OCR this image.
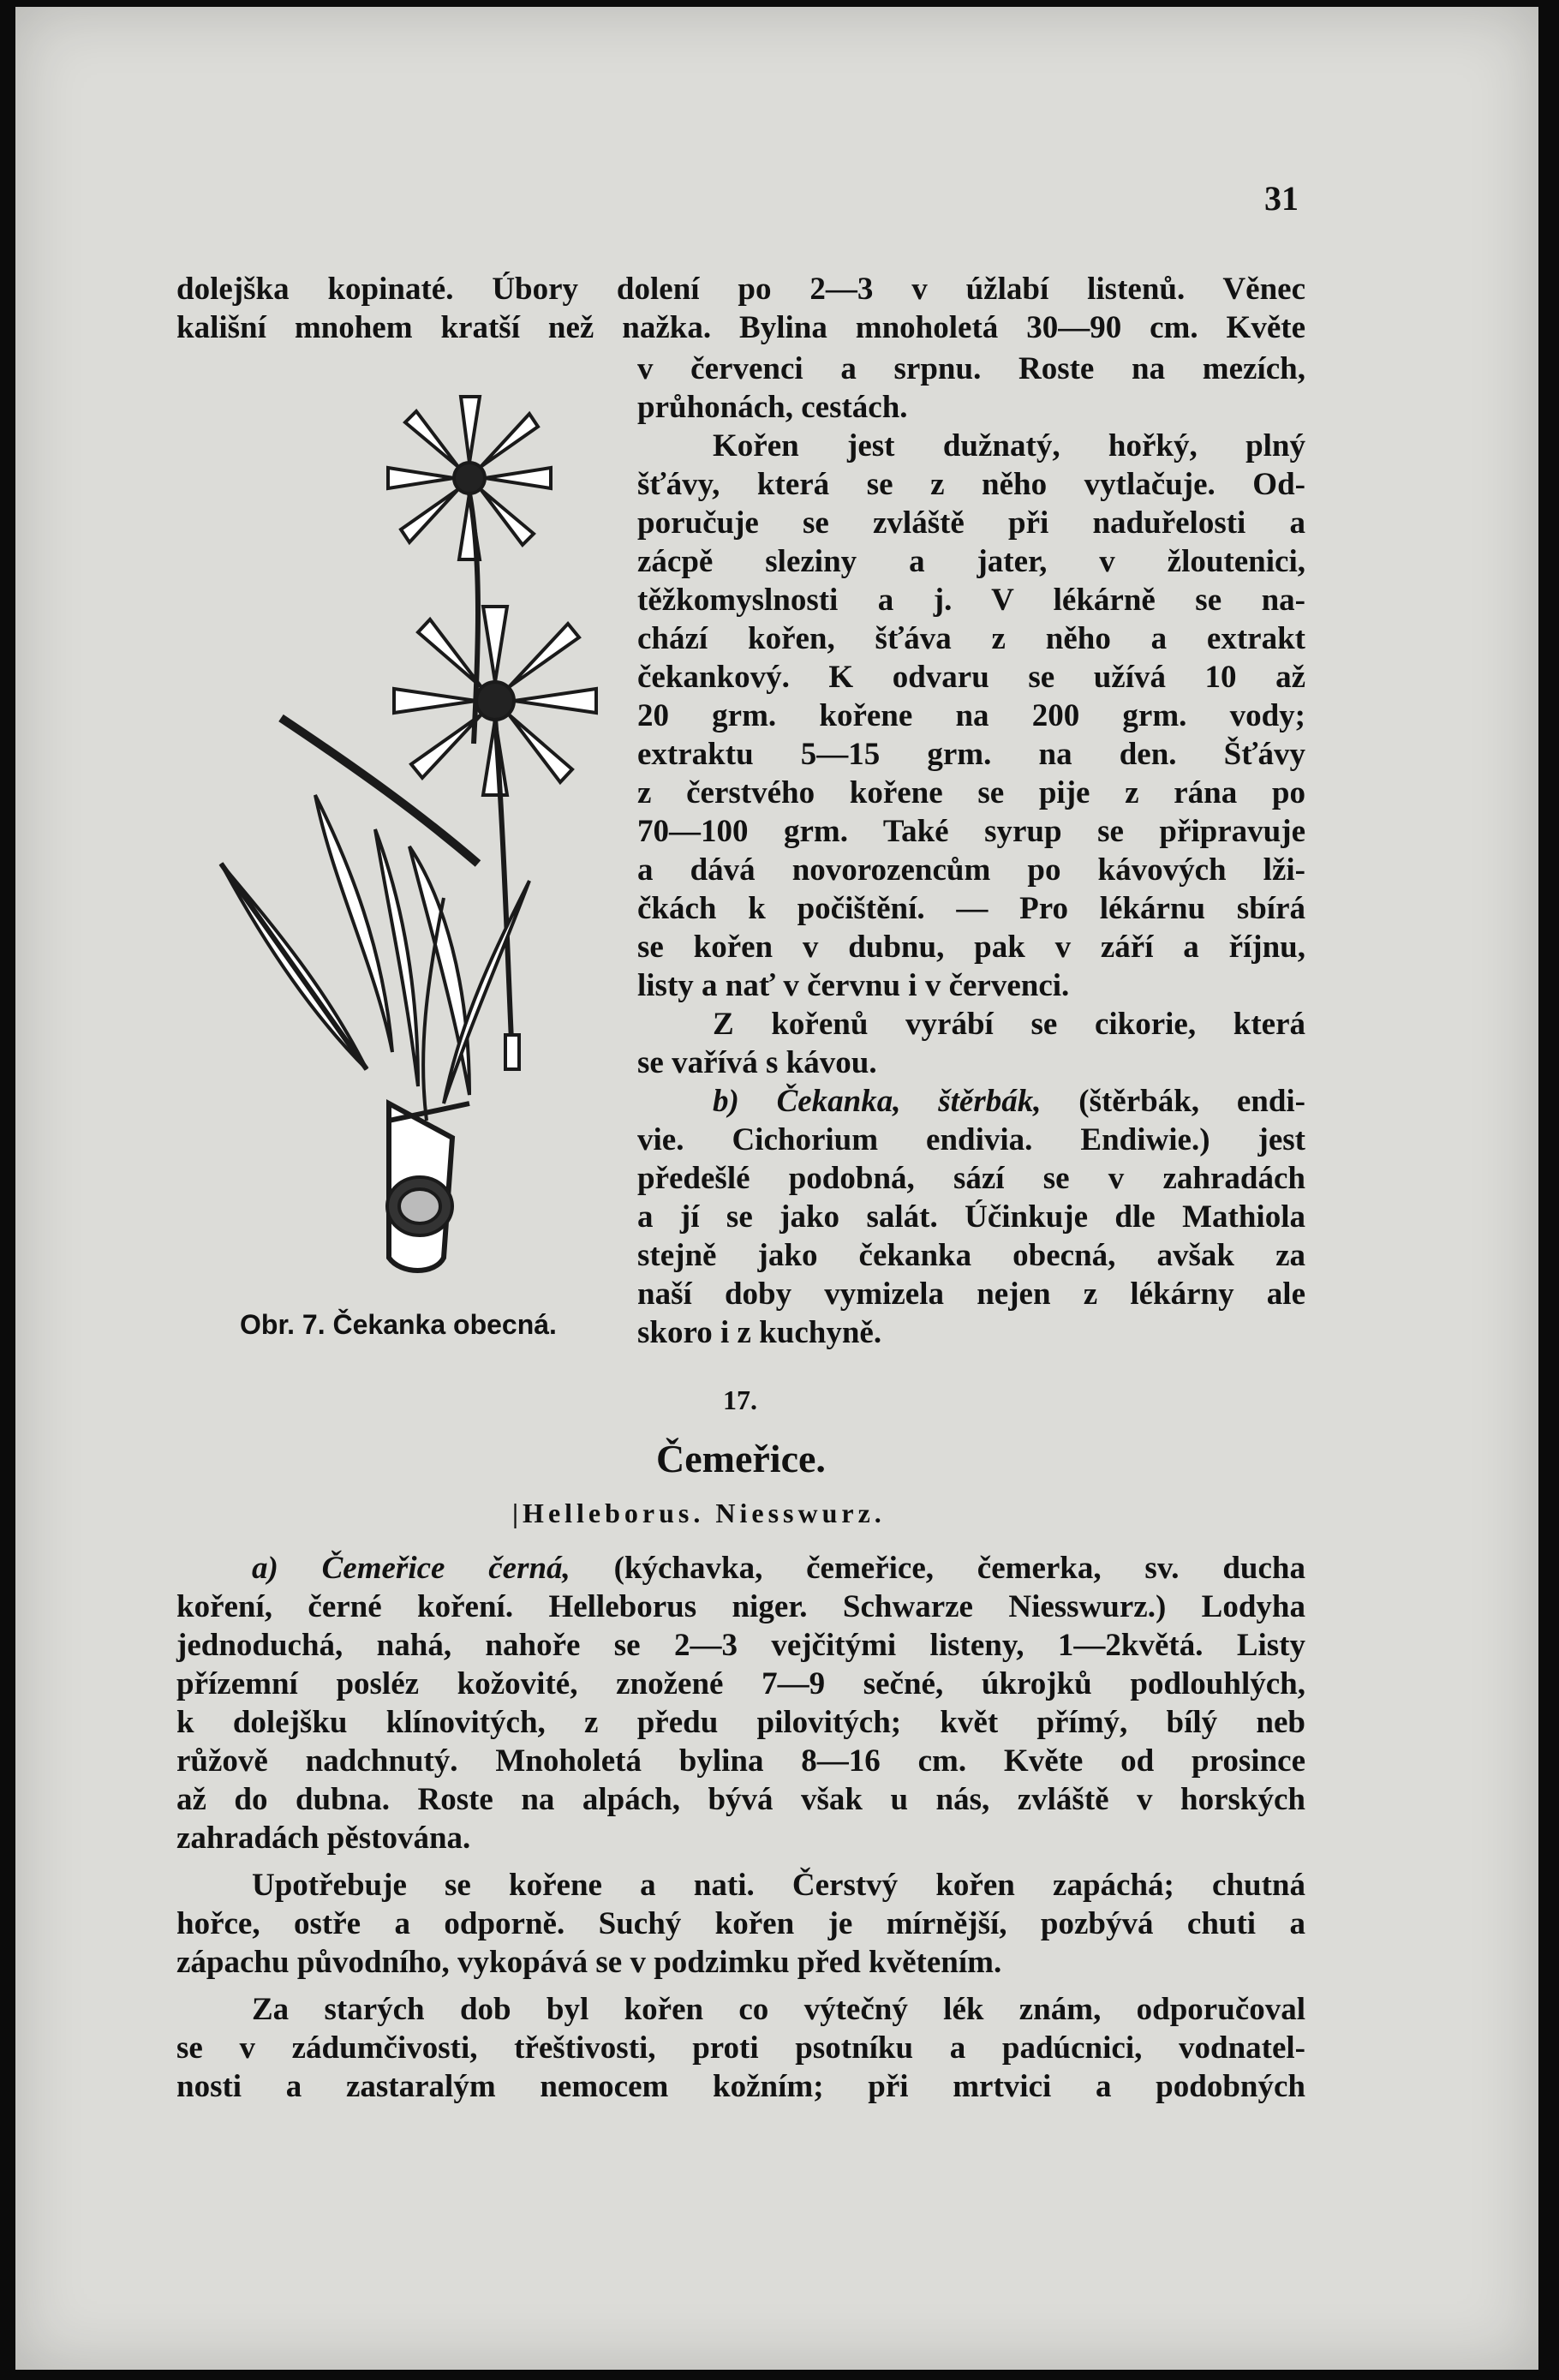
31
dolejška kopinaté. Úbory dolení po 2—3 v úžlabí listenů. Věnec
kališní mnohem kratší než nažka. Bylina mnoholetá 30—90 cm. Květe
Obr. 7. Čekanka obecná.
v červenci a srpnu. Roste na mezích,
průhonách, cestách.
Kořen jest dužnatý, hořký, plný
šťávy, která se z něho vytlačuje. Od-
poručuje se zvláště při naduřelosti a
zácpě sleziny a jater, v žloutenici,
těžkomyslnosti a j. V lékárně se na-
chází kořen, šťáva z něho a extrakt
čekankový. K odvaru se užívá 10 až
20 grm. kořene na 200 grm. vody;
extraktu 5—15 grm. na den. Šťávy
z čerstvého kořene se pije z rána po
70—100 grm. Také syrup se připravuje
a dává novorozencům po kávových lži-
čkách k počištění. — Pro lékárnu sbírá
se kořen v dubnu, pak v září a říjnu,
listy a nať v červnu i v červenci.
Z kořenů vyrábí se cikorie, která
se vařívá s kávou.
b) Čekanka, štěrbák, (štěrbák, endi-
vie. Cichorium endivia. Endiwie.) jest
předešlé podobná, sází se v zahradách
a jí se jako salát. Účinkuje dle Mathiola
stejně jako čekanka obecná, avšak za
naší doby vymizela nejen z lékárny ale
skoro i z kuchyně.
17.
Čemeřice.
|Helleborus. Niesswurz.
a) Čemeřice černá, (kýchavka, čemeřice, čemerka, sv. ducha
koření, černé koření. Helleborus niger. Schwarze Niesswurz.) Lodyha
jednoduchá, nahá, nahoře se 2—3 vejčitými listeny, 1—2květá. Listy
přízemní posléz kožovité, znožené 7—9 sečné, úkrojků podlouhlých,
k dolejšku klínovitých, z předu pilovitých; květ přímý, bílý neb
růžově nadchnutý. Mnoholetá bylina 8—16 cm. Květe od prosince
až do dubna. Roste na alpách, bývá však u nás, zvláště v horských
zahradách pěstována.
Upotřebuje se kořene a nati. Čerstvý kořen zapáchá; chutná
hořce, ostře a odporně. Suchý kořen je mírnější, pozbývá chuti a
zápachu původního, vykopává se v podzimku před květením.
Za starých dob byl kořen co výtečný lék znám, odporučoval
se v zádumčivosti, třeštivosti, proti psotníku a padúcnici, vodnatel-
nosti a zastaralým nemocem kožním; při mrtvici a podobných
